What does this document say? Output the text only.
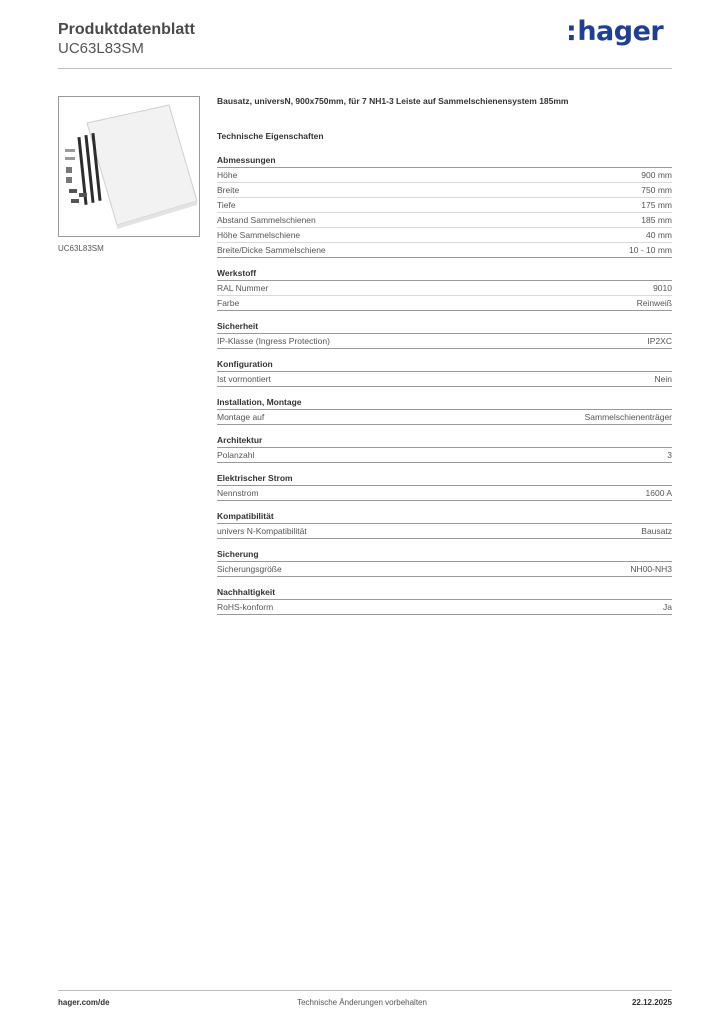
Produktdatenblatt
UC63L83SM
:hager
UC63L83SM
Bausatz, universN, 900x750mm, für 7 NH1-3 Leiste auf Sammelschienensystem 185mm
Technische Eigenschaften
Abmessungen
Höhe	900 mm
Breite	750 mm
Tiefe	175 mm
Abstand Sammelschienen	185 mm
Höhe Sammelschiene	40 mm
Breite/Dicke Sammelschiene	10 - 10 mm
Werkstoff
RAL Nummer	9010
Farbe	Reinweiß
Sicherheit
IP-Klasse (Ingress Protection)	IP2XC
Konfiguration
Ist vormontiert	Nein
Installation, Montage
Montage auf	Sammelschienenträger
Architektur
Polanzahl	3
Elektrischer Strom
Nennstrom	1600 A
Kompatibilität
univers N-Kompatibilität	Bausatz
Sicherung
Sicherungsgröße	NH00-NH3
Nachhaltigkeit
RoHS-konform	Ja
hager.com/de	Technische Änderungen vorbehalten	22.12.2025
